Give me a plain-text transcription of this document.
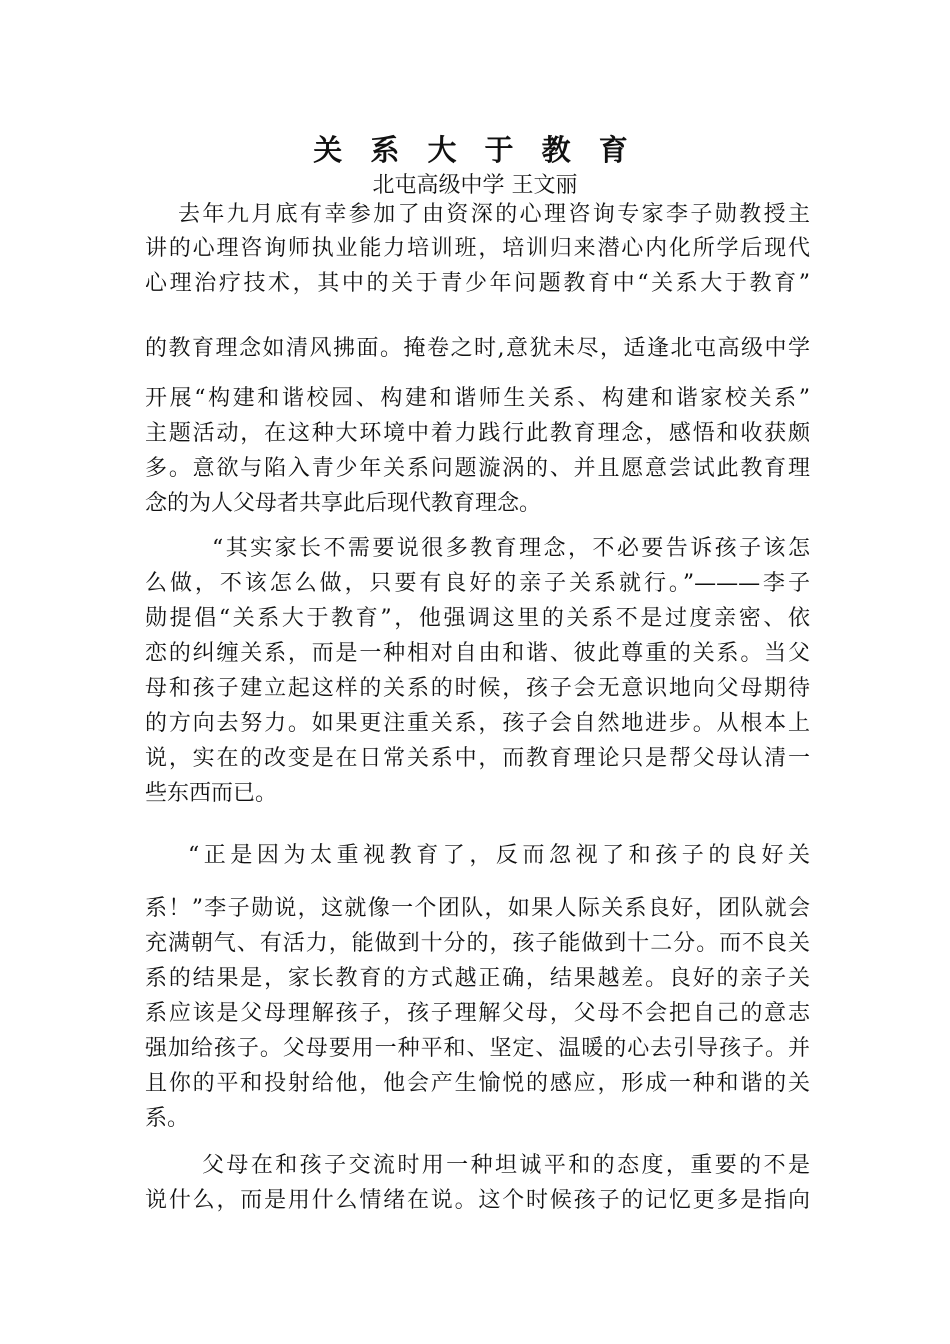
关 系 大 于 教 育
北屯高级中学 王文丽
去年九月底有幸参加了由资深的心理咨询专家李子勋教授主
讲的心理咨询师执业能力培训班，培训归来潜心内化所学后现代
心理治疗技术，其中的关于青少年问题教育中“关系大于教育”
的教育理念如清风拂面。掩卷之时,意犹未尽，适逢北屯高级中学
开展“构建和谐校园、构建和谐师生关系、构建和谐家校关系”
主题活动，在这种大环境中着力践行此教育理念，感悟和收获颇
多。意欲与陷入青少年关系问题漩涡的、并且愿意尝试此教育理
念的为人父母者共享此后现代教育理念。
“其实家长不需要说很多教育理念，不必要告诉孩子该怎
么做，不该怎么做，只要有良好的亲子关系就行。”———李子
勋提倡“关系大于教育”，他强调这里的关系不是过度亲密、依
恋的纠缠关系，而是一种相对自由和谐、彼此尊重的关系。当父
母和孩子建立起这样的关系的时候，孩子会无意识地向父母期待
的方向去努力。如果更注重关系，孩子会自然地进步。从根本上
说，实在的改变是在日常关系中，而教育理论只是帮父母认清一
些东西而已。
“正是因为太重视教育了，反而忽视了和孩子的良好关
系！”李子勋说，这就像一个团队，如果人际关系良好，团队就会
充满朝气、有活力，能做到十分的，孩子能做到十二分。而不良关
系的结果是，家长教育的方式越正确，结果越差。良好的亲子关
系应该是父母理解孩子，孩子理解父母，父母不会把自己的意志
强加给孩子。父母要用一种平和、坚定、温暖的心去引导孩子。并
且你的平和投射给他，他会产生愉悦的感应，形成一种和谐的关
系。
父母在和孩子交流时用一种坦诚平和的态度，重要的不是
说什么，而是用什么情绪在说。这个时候孩子的记忆更多是指向
